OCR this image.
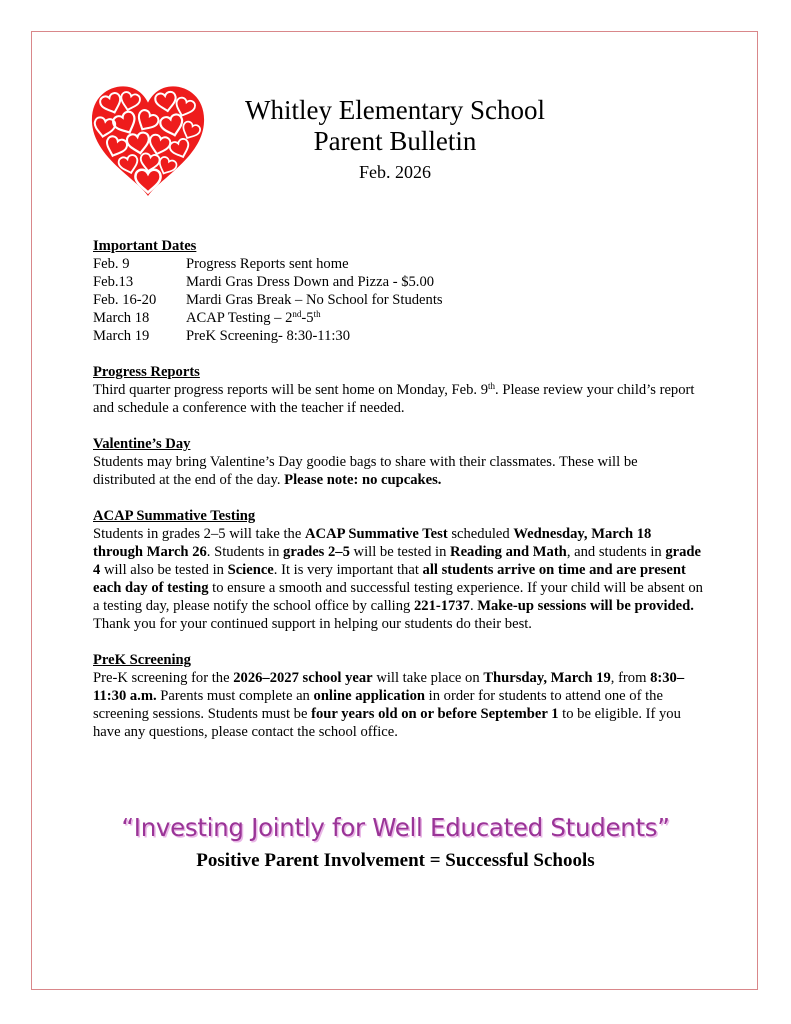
Whitley Elementary School
Parent Bulletin
Feb. 2026
Important Dates
Feb. 9	Progress Reports sent home
Feb.13	Mardi Gras Dress Down and Pizza - $5.00
Feb. 16-20	Mardi Gras Break – No School for Students
March 18	ACAP Testing – 2nd-5th
March 19	PreK Screening- 8:30-11:30
Progress Reports

Third quarter progress reports will be sent home on Monday, Feb. 9th. Please review your child’s report and schedule a conference with the teacher if needed.

Valentine’s Day

Students may bring Valentine’s Day goodie bags to share with their classmates. These will be distributed at the end of the day. Please note: no cupcakes.

ACAP Summative Testing

Students in grades 2–5 will take the ACAP Summative Test scheduled Wednesday, March 18 through March 26. Students in grades 2–5 will be tested in Reading and Math, and students in grade 4 will also be tested in Science. It is very important that all students arrive on time and are present each day of testing to ensure a smooth and successful testing experience. If your child will be absent on a testing day, please notify the school office by calling 221-1737. Make-up sessions will be provided. Thank you for your continued support in helping our students do their best.

PreK Screening

Pre-K screening for the 2026–2027 school year will take place on Thursday, March 19, from 8:30–11:30 a.m. Parents must complete an online application in order for students to attend one of the screening sessions. Students must be four years old on or before September 1 to be eligible. If you have any questions, please contact the school office.

“Investing Jointly for Well Educated Students”
Positive Parent Involvement = Successful Schools
